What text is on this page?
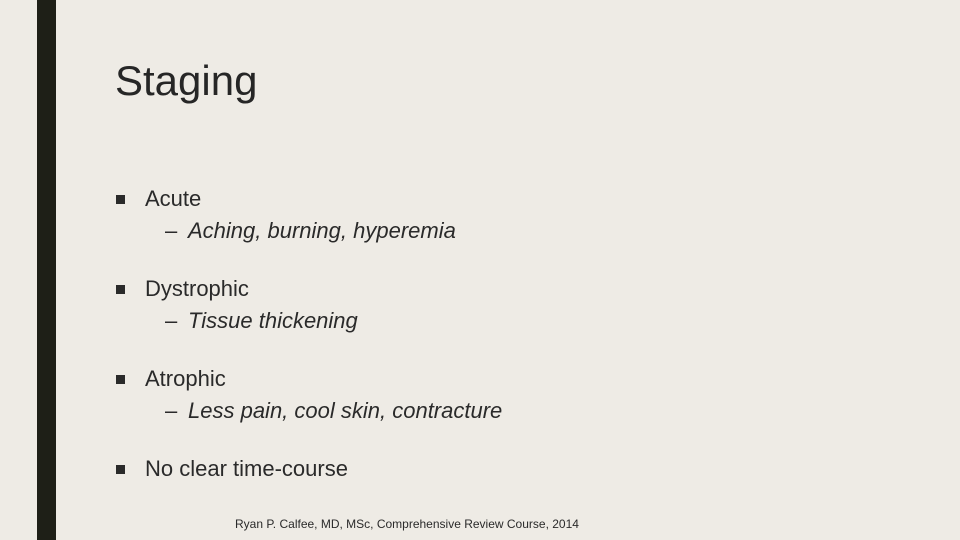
Staging
Acute
– Aching, burning, hyperemia
Dystrophic
– Tissue thickening
Atrophic
– Less pain, cool skin, contracture
No clear time-course
Ryan P. Calfee, MD, MSc, Comprehensive Review Course, 2014
